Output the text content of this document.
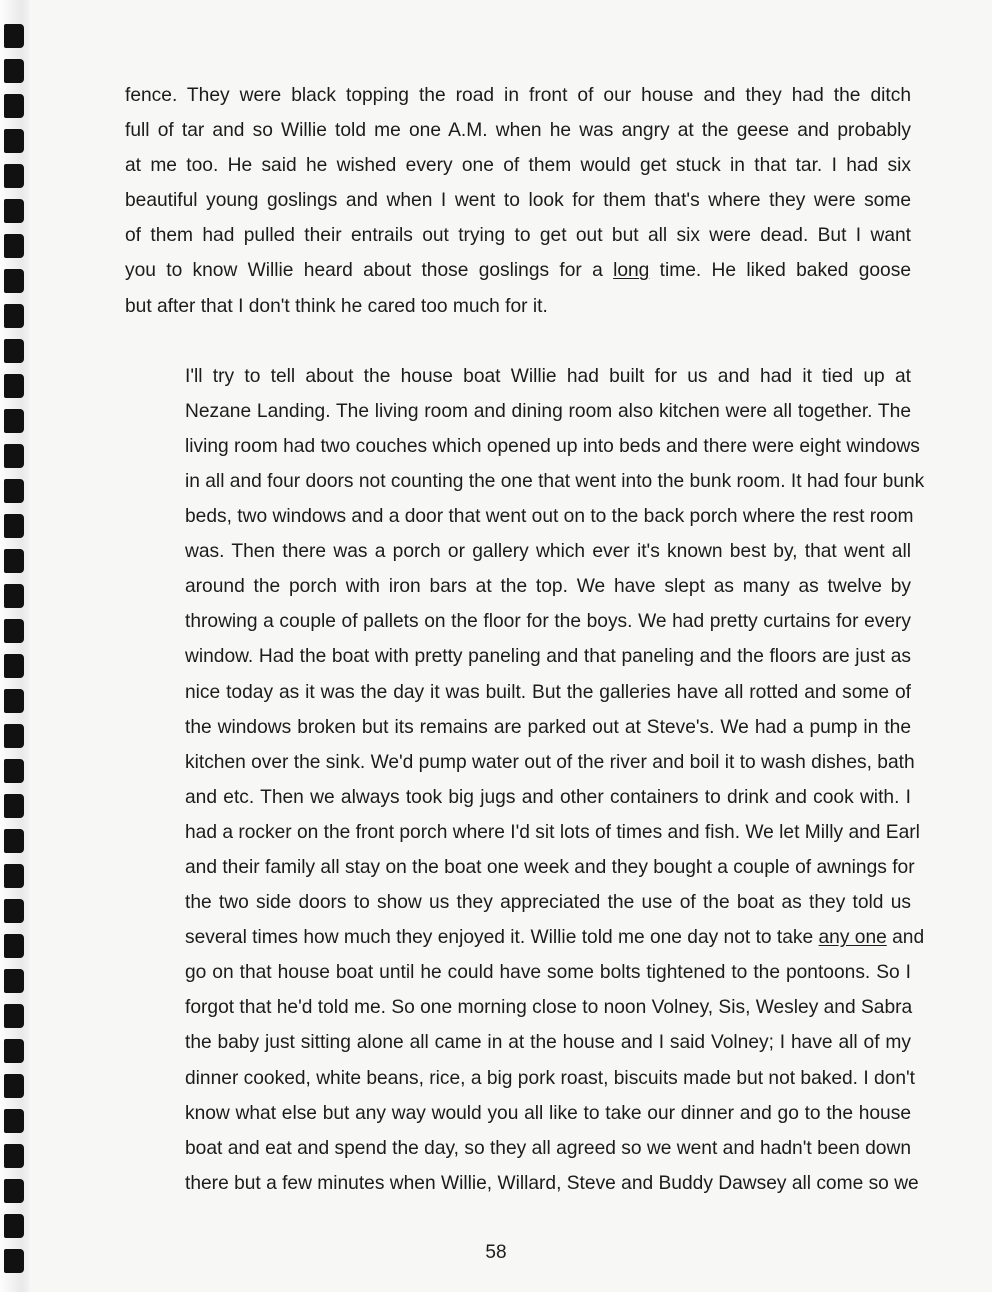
fence. They were black topping the road in front of our house and they had the ditch
full of tar and so Willie told me one A.M. when he was angry at the geese and probably
at me too. He said he wished every one of them would get stuck in that tar. I had six
beautiful young goslings and when I went to look for them that's where they were some
of them had pulled their entrails out trying to get out but all six were dead. But I want
you to know Willie heard about those goslings for a long time. He liked baked goose
but after that I don't think he cared too much for it.

I'll try to tell about the house boat Willie had built for us and had it tied up at
Nezane Landing. The living room and dining room also kitchen were all together. The
living room had two couches which opened up into beds and there were eight windows
in all and four doors not counting the one that went into the bunk room. It had four bunk
beds, two windows and a door that went out on to the back porch where the rest room
was. Then there was a porch or gallery which ever it's known best by, that went all
around the porch with iron bars at the top. We have slept as many as twelve by
throwing a couple of pallets on the floor for the boys. We had pretty curtains for every
window. Had the boat with pretty paneling and that paneling and the floors are just as
nice today as it was the day it was built. But the galleries have all rotted and some of
the windows broken but its remains are parked out at Steve's. We had a pump in the
kitchen over the sink. We'd pump water out of the river and boil it to wash dishes, bath
and etc. Then we always took big jugs and other containers to drink and cook with. I
had a rocker on the front porch where I'd sit lots of times and fish. We let Milly and Earl
and their family all stay on the boat one week and they bought a couple of awnings for
the two side doors to show us they appreciated the use of the boat as they told us
several times how much they enjoyed it. Willie told me one day not to take any one and
go on that house boat until he could have some bolts tightened to the pontoons. So I
forgot that he'd told me. So one morning close to noon Volney, Sis, Wesley and Sabra
the baby just sitting alone all came in at the house and I said Volney; I have all of my
dinner cooked, white beans, rice, a big pork roast, biscuits made but not baked. I don't
know what else but any way would you all like to take our dinner and go to the house
boat and eat and spend the day, so they all agreed so we went and hadn't been down
there but a few minutes when Willie, Willard, Steve and Buddy Dawsey all come so we

58
